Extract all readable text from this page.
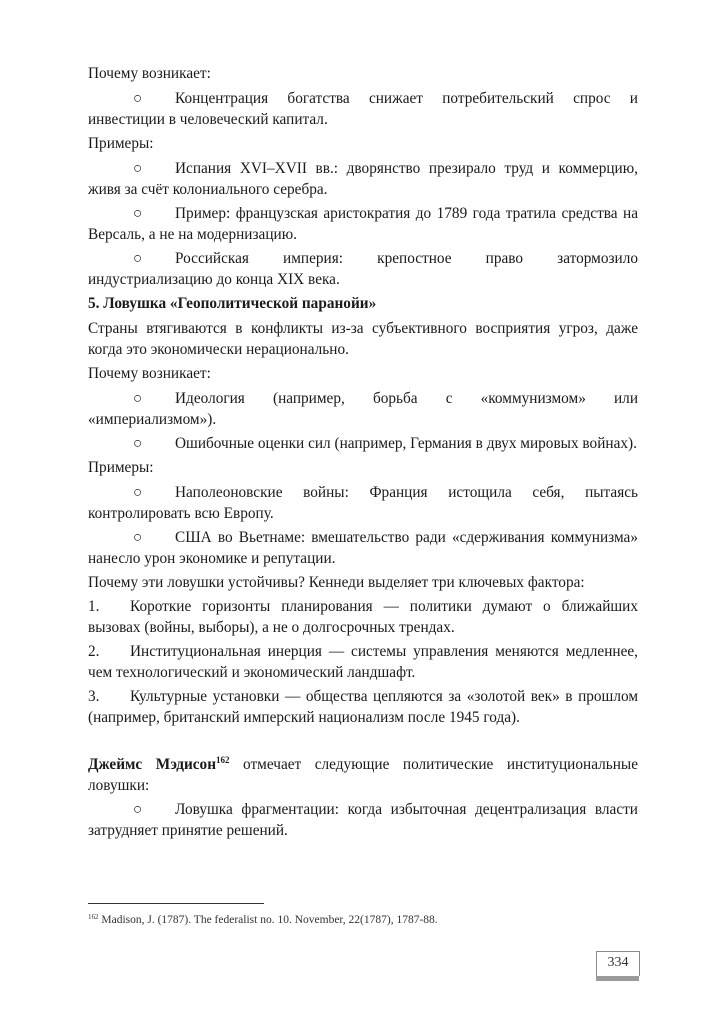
Почему возникает:

○ Концентрация богатства снижает потребительский спрос и инвестиции в человеческий капитал.

Примеры:

○ Испания XVI–XVII вв.: дворянство презирало труд и коммерцию, живя за счёт колониального серебра.

○ Пример: французская аристократия до 1789 года тратила средства на Версаль, а не на модернизацию.

○ Российская империя: крепостное право затормозило индустриализацию до конца XIX века.

5. Ловушка «Геополитической паранойи»

Страны втягиваются в конфликты из-за субъективного восприятия угроз, даже когда это экономически нерационально.

Почему возникает:

○ Идеология (например, борьба с «коммунизмом» или «империализмом»).

○ Ошибочные оценки сил (например, Германия в двух мировых войнах).

Примеры:

○ Наполеоновские войны: Франция истощила себя, пытаясь контролировать всю Европу.

○ США во Вьетнаме: вмешательство ради «сдерживания коммунизма» нанесло урон экономике и репутации.

Почему эти ловушки устойчивы? Кеннеди выделяет три ключевых фактора:

1. Короткие горизонты планирования — политики думают о ближайших вызовах (войны, выборы), а не о долгосрочных трендах.

2. Институциональная инерция — системы управления меняются медленнее, чем технологический и экономический ландшафт.

3. Культурные установки — общества цепляются за «золотой век» в прошлом (например, британский имперский национализм после 1945 года).

Джеймс Мэдисон$^{162}$ отмечает следующие политические институциональные ловушки:

○ Ловушка фрагментации: когда избыточная децентрализация власти затрудняет принятие решений.

$^{162}$ Madison, J. (1787). The federalist no. 10. November, 22(1787), 1787-88.
334
